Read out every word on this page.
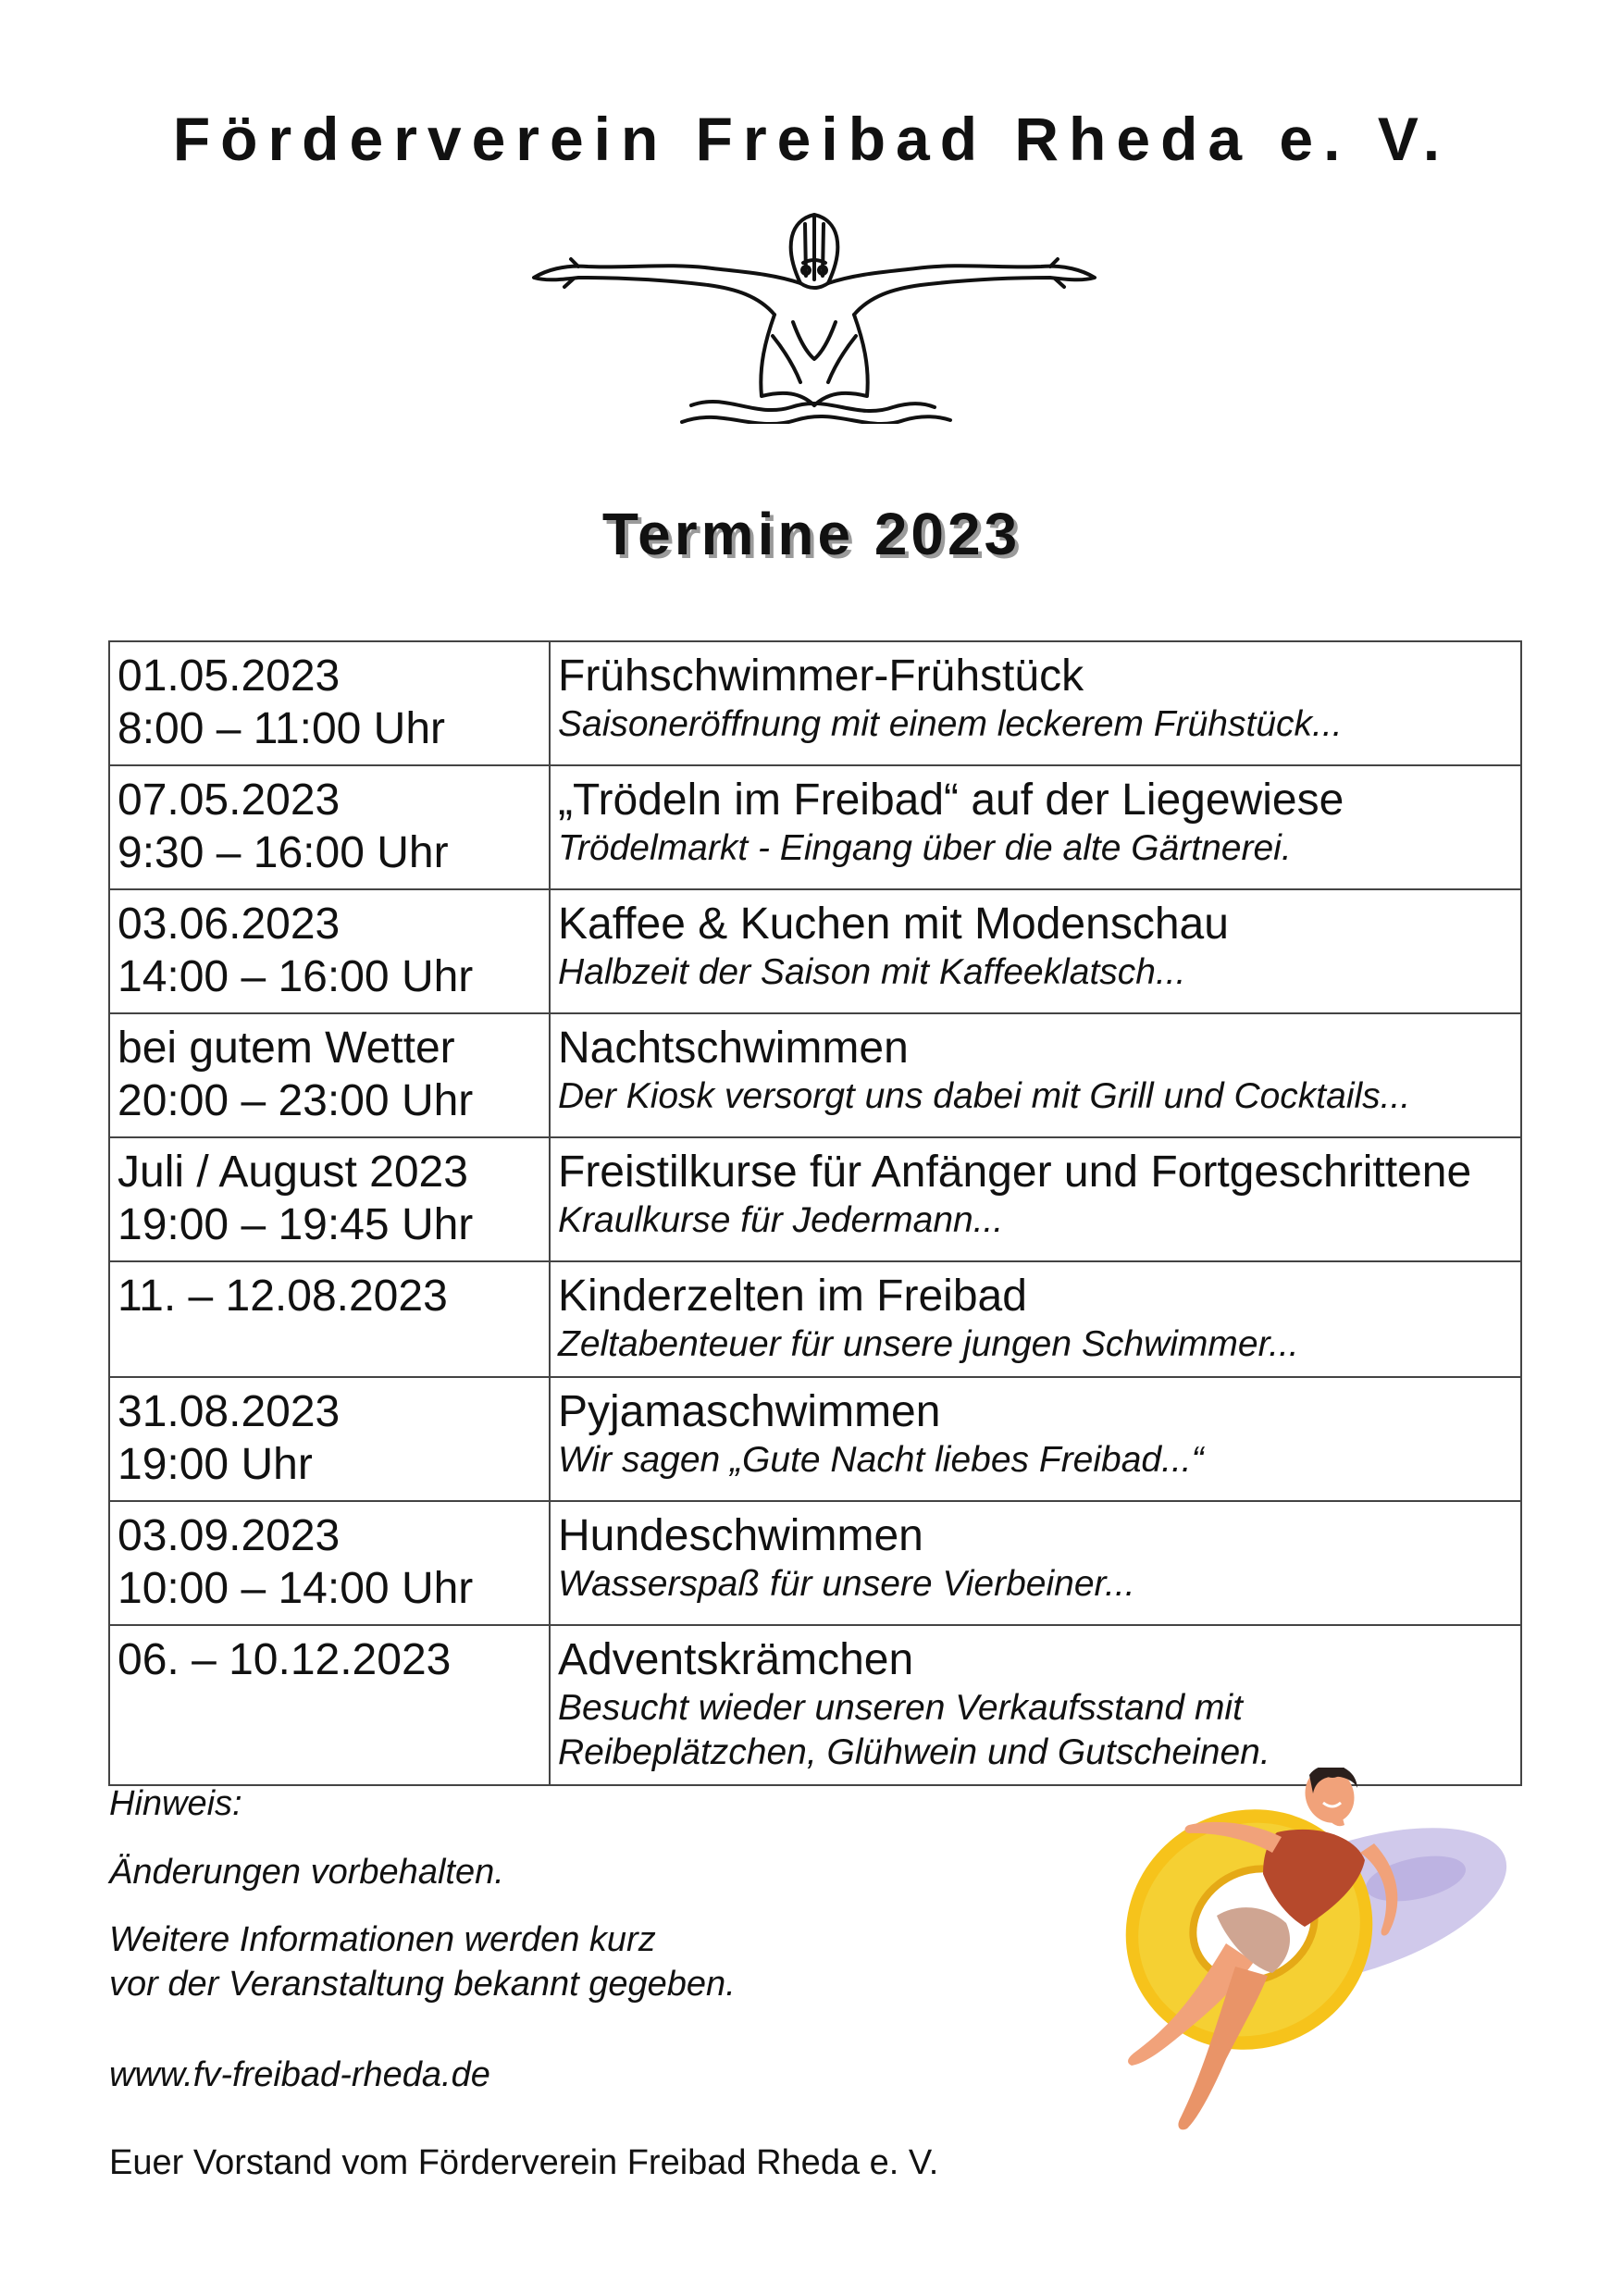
Förderverein Freibad Rheda e. V.
Termine 2023
01.05.2023
8:00 – 11:00 Uhr	Frühschwimmer-Frühstück
Saisoneröffnung mit einem leckerem Frühstück...

07.05.2023
9:30 – 16:00 Uhr	„Trödeln im Freibad“ auf der Liegewiese
Trödelmarkt - Eingang über die alte Gärtnerei.

03.06.2023
14:00 – 16:00 Uhr	Kaffee & Kuchen mit Modenschau
Halbzeit der Saison mit Kaffeeklatsch...

bei gutem Wetter
20:00 – 23:00 Uhr	Nachtschwimmen
Der Kiosk versorgt uns dabei mit Grill und Cocktails...

Juli / August 2023
19:00 – 19:45 Uhr	Freistilkurse für Anfänger und Fortgeschrittene
Kraulkurse für Jedermann...

11. – 12.08.2023	Kinderzelten im Freibad
Zeltabenteuer für unsere jungen Schwimmer...

31.08.2023
19:00 Uhr	Pyjamaschwimmen
Wir sagen „Gute Nacht liebes Freibad...“

03.09.2023
10:00 – 14:00 Uhr	Hundeschwimmen
Wasserspaß für unsere Vierbeiner...

06. – 10.12.2023	Adventskrämchen
Besucht wieder unseren Verkaufsstand mit
Reibeplätzchen, Glühwein und Gutscheinen.
Hinweis:
Änderungen vorbehalten.
Weitere Informationen werden kurz
vor der Veranstaltung bekannt gegeben.
www.fv-freibad-rheda.de
Euer Vorstand vom Förderverein Freibad Rheda e. V.
